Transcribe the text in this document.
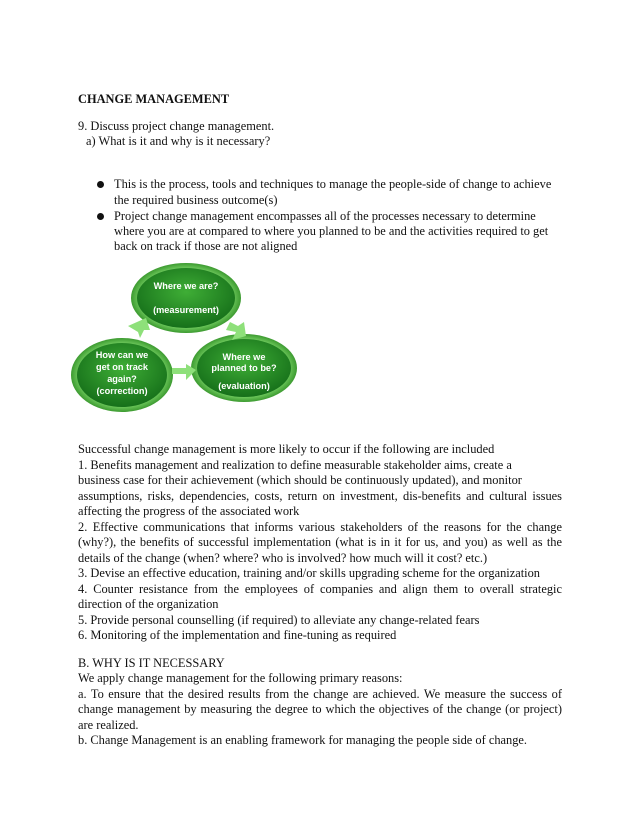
CHANGE MANAGEMENT
9. Discuss project change management.
a) What is it and why is it necessary?
This is the process, tools and techniques to manage the people-side of change to achieve
the required business outcome(s)
Project change management encompasses all of the processes necessary to determine
where you are at compared to where you planned to be and the activities required to get
back on track if those are not aligned
Where we are?
(measurement)
Where we
planned to be?
(evaluation)
How can we
get on track
again?
(correction)
Successful change management is more likely to occur if the following are included
1. Benefits management and realization to define measurable stakeholder aims, create a
business case for their achievement (which should be continuously updated), and monitor
assumptions, risks, dependencies, costs, return on investment, dis-benefits and cultural issues
affecting the progress of the associated work
2. Effective communications that informs various stakeholders of the reasons for the change
(why?), the benefits of successful implementation (what is in it for us, and you) as well as the
details of the change (when? where? who is involved? how much will it cost? etc.)
3. Devise an effective education, training and/or skills upgrading scheme for the organization
4. Counter resistance from the employees of companies and align them to overall strategic
direction of the organization
5. Provide personal counselling (if required) to alleviate any change-related fears
6. Monitoring of the implementation and fine-tuning as required
B. WHY IS IT NECESSARY
We apply change management for the following primary reasons:
a. To ensure that the desired results from the change are achieved. We measure the success of
change management by measuring the degree to which the objectives of the change (or project)
are realized.
b. Change Management is an enabling framework for managing the people side of change.
